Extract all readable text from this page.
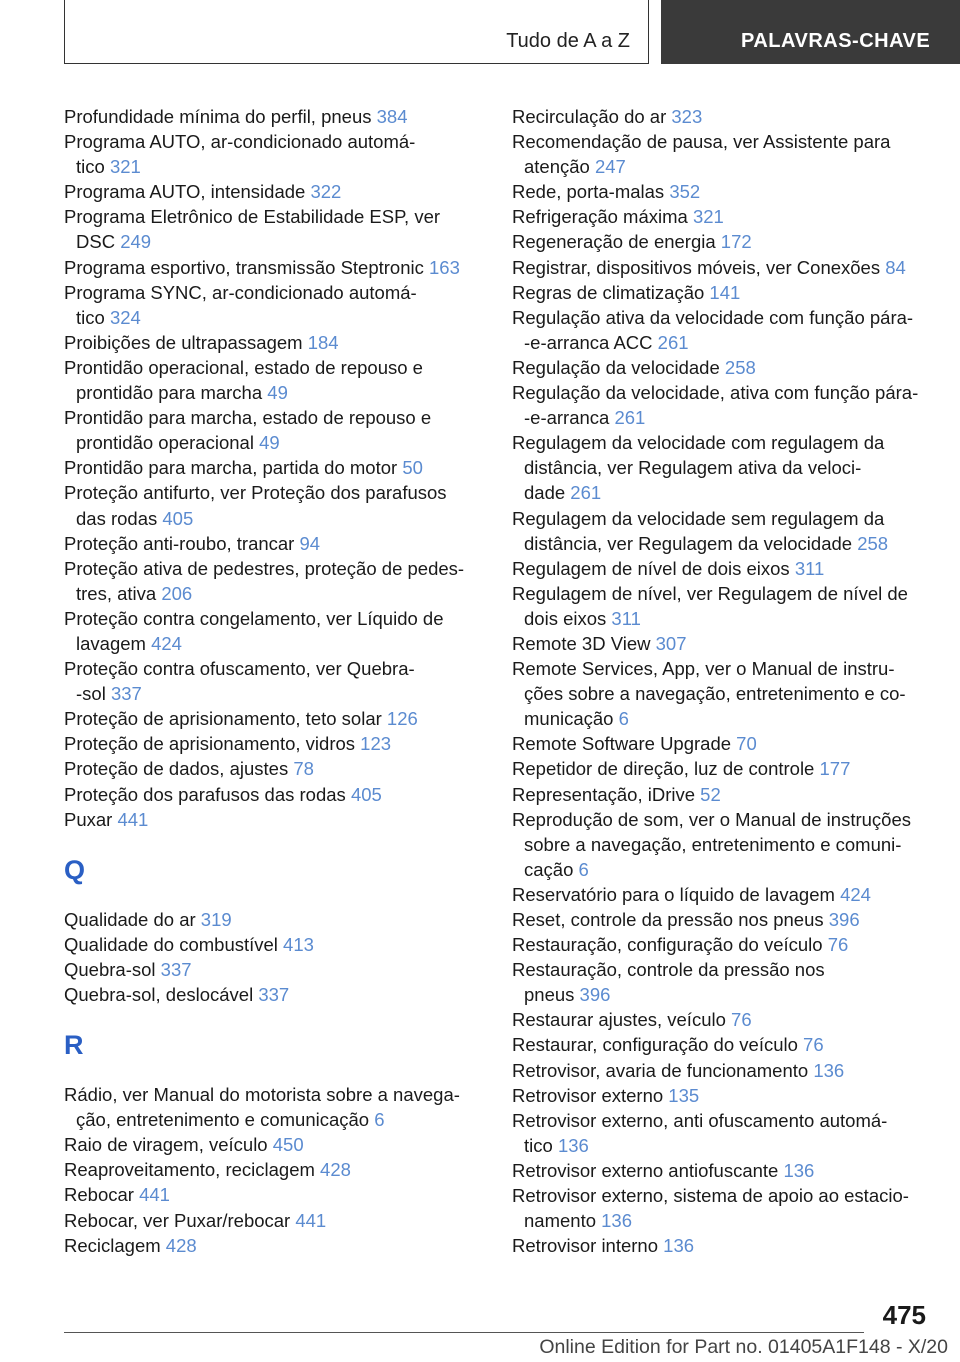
Tudo de A a Z	PALAVRAS-CHAVE
Profundidade mínima do perfil, pneus 384
Programa AUTO, ar-condicionado automá‐
tico 321
Programa AUTO, intensidade 322
Programa Eletrônico de Estabilidade ESP, ver
DSC 249
Programa esportivo, transmissão Steptronic 163
Programa SYNC, ar-condicionado automá‐
tico 324
Proibições de ultrapassagem 184
Prontidão operacional, estado de repouso e
prontidão para marcha 49
Prontidão para marcha, estado de repouso e
prontidão operacional 49
Prontidão para marcha, partida do motor 50
Proteção antifurto, ver Proteção dos parafusos
das rodas 405
Proteção anti-roubo, trancar 94
Proteção ativa de pedestres, proteção de pedes‐
tres, ativa 206
Proteção contra congelamento, ver Líquido de
lavagem 424
Proteção contra ofuscamento, ver Quebra‐
-sol 337
Proteção de aprisionamento, teto solar 126
Proteção de aprisionamento, vidros 123
Proteção de dados, ajustes 78
Proteção dos parafusos das rodas 405
Puxar 441
Q
Qualidade do ar 319
Qualidade do combustível 413
Quebra-sol 337
Quebra-sol, deslocável 337
R
Rádio, ver Manual do motorista sobre a navega‐
ção, entretenimento e comunicação 6
Raio de viragem, veículo 450
Reaproveitamento, reciclagem 428
Rebocar 441
Rebocar, ver Puxar/rebocar 441
Reciclagem 428
Recirculação do ar 323
Recomendação de pausa, ver Assistente para
atenção 247
Rede, porta-malas 352
Refrigeração máxima 321
Regeneração de energia 172
Registrar, dispositivos móveis, ver Conexões 84
Regras de climatização 141
Regulação ativa da velocidade com função pára‐
-e-arranca ACC 261
Regulação da velocidade 258
Regulação da velocidade, ativa com função pára‐
-e-arranca 261
Regulagem da velocidade com regulagem da
distância, ver Regulagem ativa da veloci‐
dade 261
Regulagem da velocidade sem regulagem da
distância, ver Regulagem da velocidade 258
Regulagem de nível de dois eixos 311
Regulagem de nível, ver Regulagem de nível de
dois eixos 311
Remote 3D View 307
Remote Services, App, ver o Manual de instru‐
ções sobre a navegação, entretenimento e co‐
municação 6
Remote Software Upgrade 70
Repetidor de direção, luz de controle 177
Representação, iDrive 52
Reprodução de som, ver o Manual de instruções
sobre a navegação, entretenimento e comuni‐
cação 6
Reservatório para o líquido de lavagem 424
Reset, controle da pressão nos pneus 396
Restauração, configuração do veículo 76
Restauração, controle da pressão nos
pneus 396
Restaurar ajustes, veículo 76
Restaurar, configuração do veículo 76
Retrovisor, avaria de funcionamento 136
Retrovisor externo 135
Retrovisor externo, anti ofuscamento automá‐
tico 136
Retrovisor externo antiofuscante 136
Retrovisor externo, sistema de apoio ao estacio‐
namento 136
Retrovisor interno 136
475
Online Edition for Part no. 01405A1F148 - X/20
